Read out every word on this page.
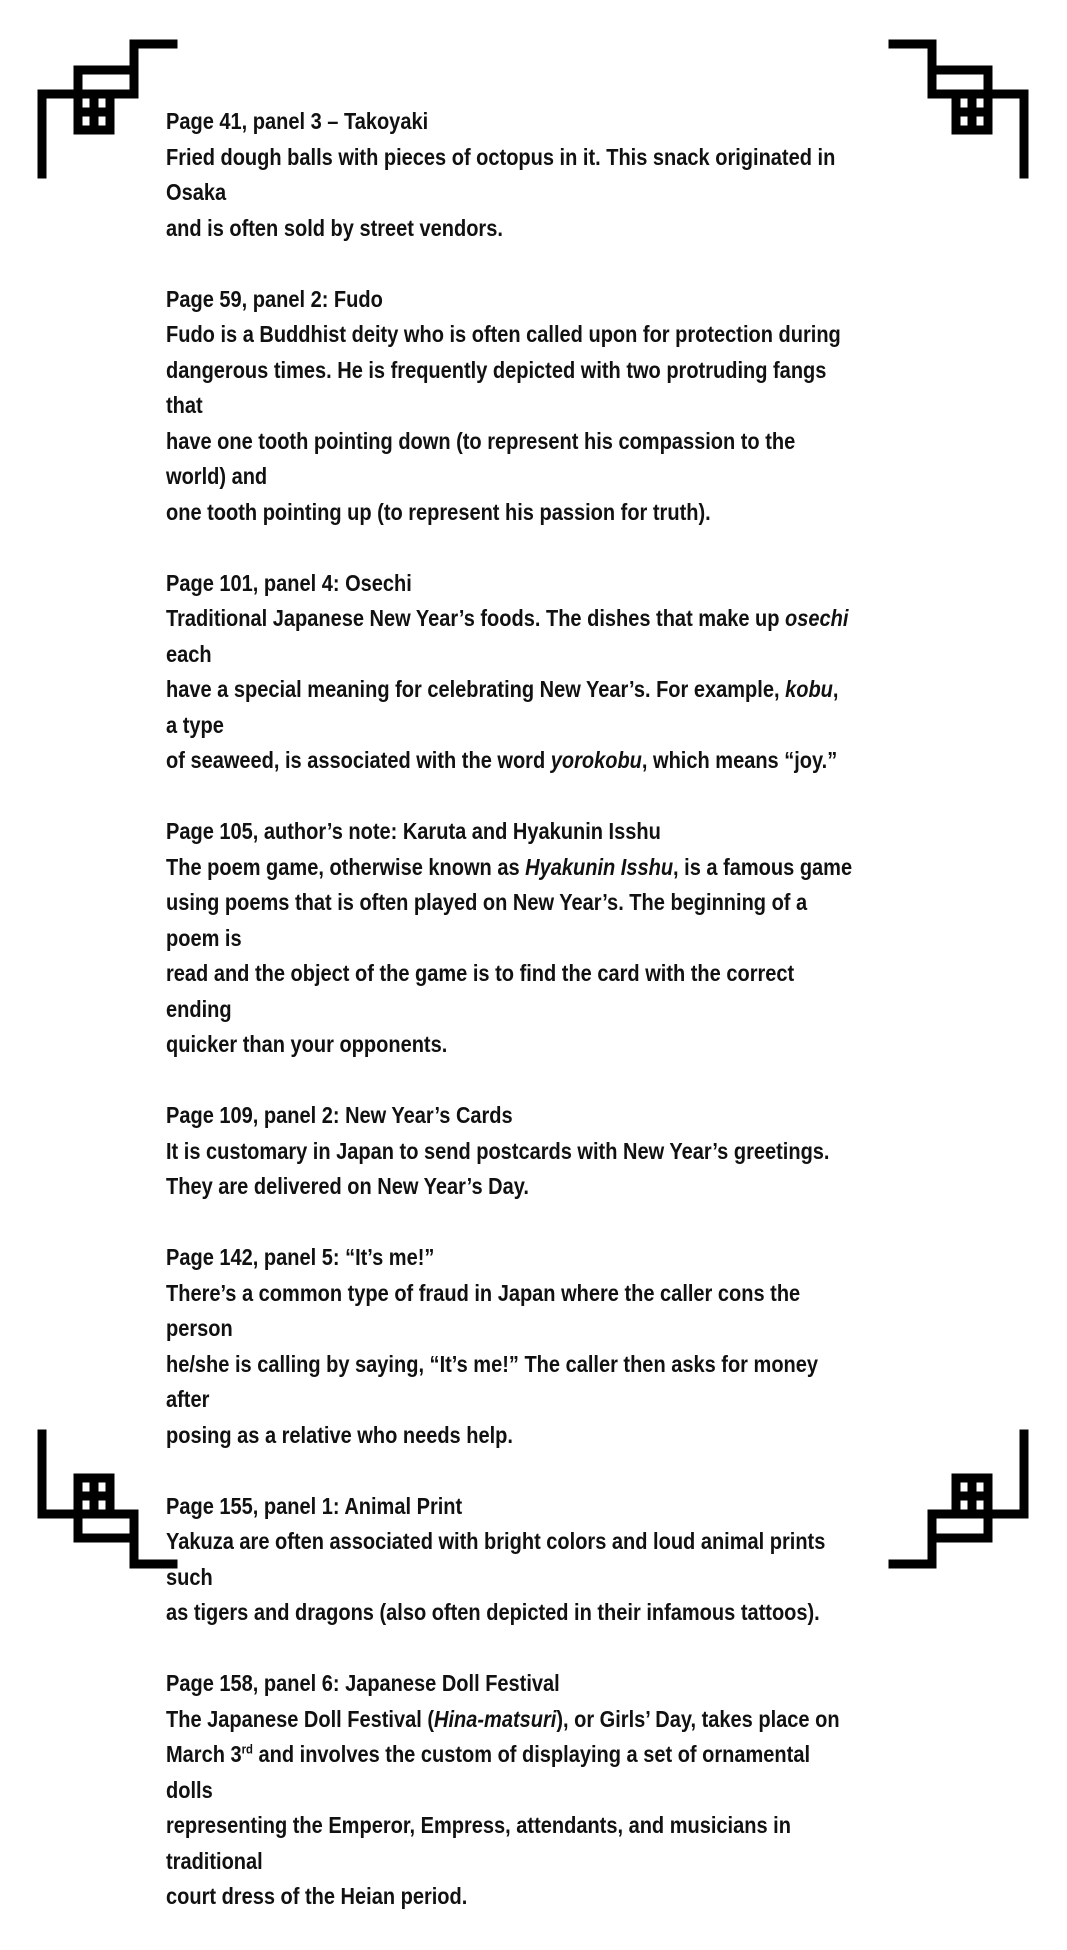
Page 41, panel 3 – Takoyaki
Fried dough balls with pieces of octopus in it. This snack originated in Osaka
and is often sold by street vendors.
Page 59, panel 2: Fudo
Fudo is a Buddhist deity who is often called upon for protection during
dangerous times. He is frequently depicted with two protruding fangs that
have one tooth pointing down (to represent his compassion to the world) and
one tooth pointing up (to represent his passion for truth).
Page 101, panel 4: Osechi
Traditional Japanese New Year’s foods. The dishes that make up osechi each
have a special meaning for celebrating New Year’s. For example, kobu, a type
of seaweed, is associated with the word yorokobu, which means “joy.”
Page 105, author’s note: Karuta and Hyakunin Isshu
The poem game, otherwise known as Hyakunin Isshu, is a famous game
using poems that is often played on New Year’s. The beginning of a poem is
read and the object of the game is to find the card with the correct ending
quicker than your opponents.
Page 109, panel 2: New Year’s Cards
It is customary in Japan to send postcards with New Year’s greetings.
They are delivered on New Year’s Day.
Page 142, panel 5: “It’s me!”
There’s a common type of fraud in Japan where the caller cons the person
he/she is calling by saying, “It’s me!” The caller then asks for money after
posing as a relative who needs help.
Page 155, panel 1: Animal Print
Yakuza are often associated with bright colors and loud animal prints such
as tigers and dragons (also often depicted in their infamous tattoos).
Page 158, panel 6: Japanese Doll Festival
The Japanese Doll Festival (Hina-matsuri), or Girls’ Day, takes place on
March 3rd and involves the custom of displaying a set of ornamental dolls
representing the Emperor, Empress, attendants, and musicians in traditional
court dress of the Heian period.
